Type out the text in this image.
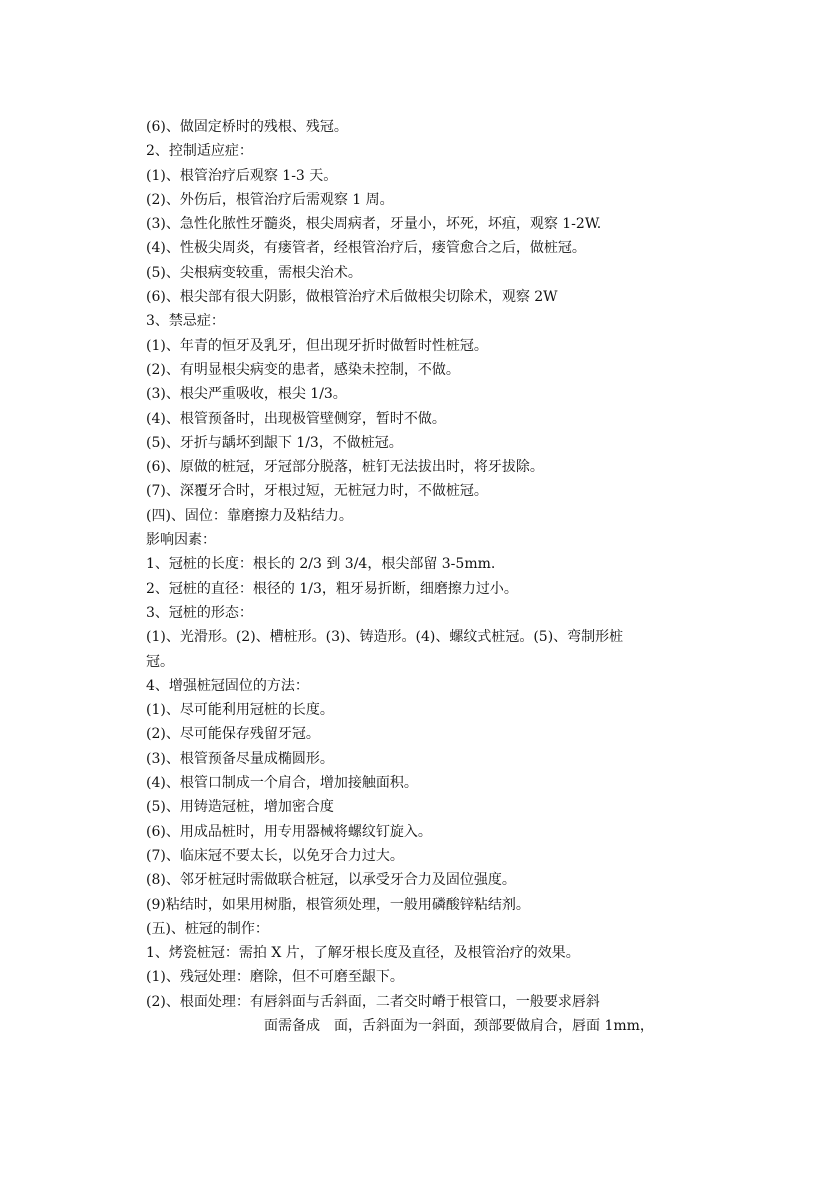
(6)、做固定桥时的残根、残冠。
2、控制适应症：
(1)、根管治疗后观察 1-3 天。
(2)、外伤后，根管治疗后需观察 1 周。
(3)、急性化脓性牙髓炎，根尖周病者，牙量小，坏死，坏疽，观察 1-2W.
(4)、性极尖周炎，有瘘管者，经根管治疗后，瘘管愈合之后，做桩冠。
(5)、尖根病变较重，需根尖治术。
(6)、根尖部有很大阴影，做根管治疗术后做根尖切除术，观察 2W
3、禁忌症：
(1)、年青的恒牙及乳牙，但出现牙折时做暂时性桩冠。
(2)、有明显根尖病变的患者，感染未控制，不做。
(3)、根尖严重吸收，根尖 1/3。
(4)、根管预备时，出现极管壁侧穿，暂时不做。
(5)、牙折与龋坏到龈下 1/3，不做桩冠。
(6)、原做的桩冠，牙冠部分脱落，桩钉无法拔出时，将牙拔除。
(7)、深覆牙合时，牙根过短，无桩冠力时，不做桩冠。
(四)、固位：靠磨擦力及粘结力。
影响因素：
1、冠桩的长度：根长的 2/3 到 3/4，根尖部留 3-5mm.
2、冠桩的直径：根径的 1/3，粗牙易折断，细磨擦力过小。
3、冠桩的形态：
(1)、光滑形。(2)、槽桩形。(3)、铸造形。(4)、螺纹式桩冠。(5)、弯制形桩
冠。
4、增强桩冠固位的方法：
(1)、尽可能利用冠桩的长度。
(2)、尽可能保存残留牙冠。
(3)、根管预备尽量成椭圆形。
(4)、根管口制成一个肩合，增加接触面积。
(5)、用铸造冠桩，增加密合度
(6)、用成品桩时，用专用器械将螺纹钉旋入。
(7)、临床冠不要太长，以免牙合力过大。
(8)、邻牙桩冠时需做联合桩冠，以承受牙合力及固位强度。
(9)粘结时，如果用树脂，根管须处理，一般用磷酸锌粘结剂。
(五)、桩冠的制作：
1、烤瓷桩冠：需拍 X 片，了解牙根长度及直径，及根管治疗的效果。
(1)、残冠处理：磨除，但不可磨至龈下。
(2)、根面处理：有唇斜面与舌斜面，二者交时嵴于根管口，一般要求唇斜
面需备成　面，舌斜面为一斜面，颈部要做肩合，唇面 1mm，
